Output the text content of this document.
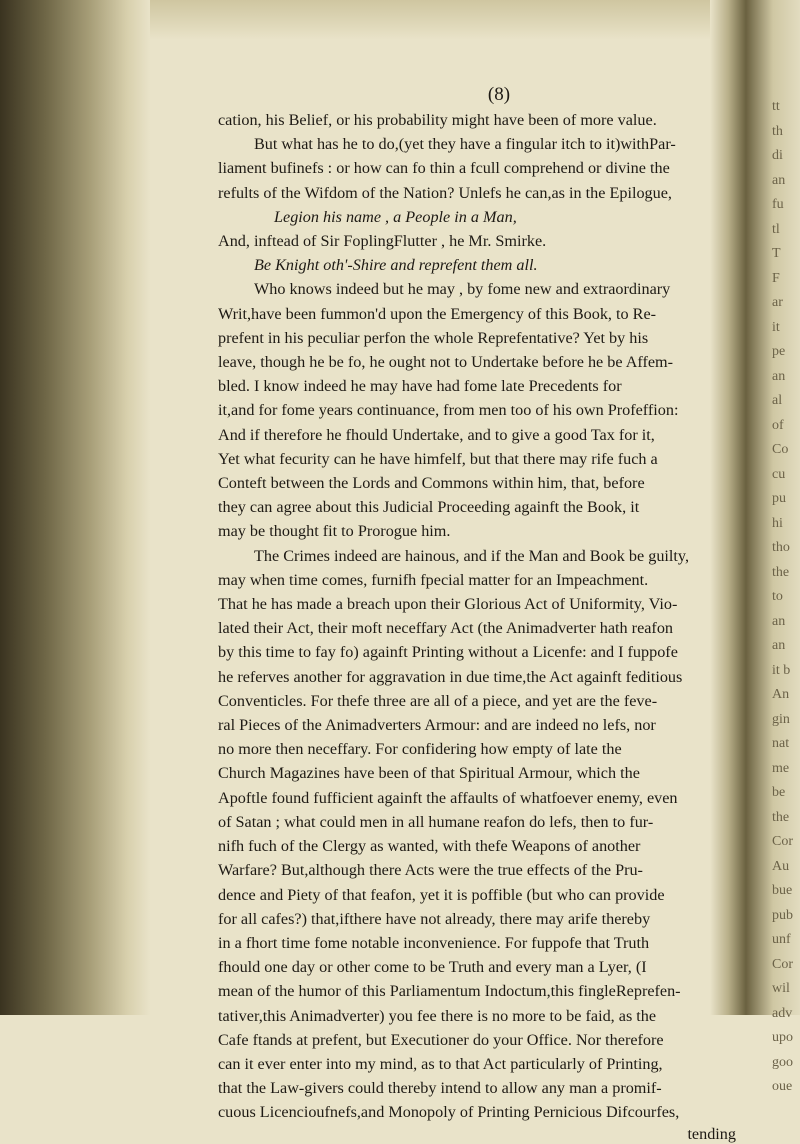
tt
th
di
an
fu
tl
T
F
ar
it
pe
an
al
of
Co
cu
pu
hi
tho
the
to
an
an
it b
An
gin
nat
me
be
the
Cor
Au
bue
pub
unf
Cor
wil
adv
upo
goo
oue
(8)
cation, his Belief, or his probability might have been of more value.
But what has he to do,(yet they have a fingular itch to it)withPar-
liament bufinefs : or how can fo thin a fcull comprehend or divine the
refults of the Wifdom of the Nation? Unlefs he can,as in the Epilogue,
Legion his name , a People in a Man,
And, inftead of Sir FoplingFlutter , he Mr. Smirke.
Be Knight oth'-Shire and reprefent them all.
Who knows indeed but he may , by fome new and extraordinary
Writ,have been fummon'd upon the Emergency of this Book, to Re-
prefent in his peculiar perfon the whole Reprefentative? Yet by his
leave, though he be fo, he ought not to Undertake before he be Affem-
bled. I know indeed he may have had fome late Precedents for
it,and for fome years continuance, from men too of his own Profeffion:
And if therefore he fhould Undertake, and to give a good Tax for it,
Yet what fecurity can he have himfelf, but that there may rife fuch a
Conteft between the Lords and Commons within him, that, before
they can agree about this Judicial Proceeding againft the Book, it
may be thought fit to Prorogue him.
The Crimes indeed are hainous, and if the Man and Book be guilty,
may when time comes, furnifh fpecial matter for an Impeachment.
That he has made a breach upon their Glorious Act of Uniformity, Vio-
lated their Act, their moft neceffary Act (the Animadverter hath reafon
by this time to fay fo) againft Printing without a Licenfe: and I fuppofe
he referves another for aggravation in due time,the Act againft feditious
Conventicles. For thefe three are all of a piece, and yet are the feve-
ral Pieces of the Animadverters Armour: and are indeed no lefs, nor
no more then neceffary. For confidering how empty of late the
Church Magazines have been of that Spiritual Armour, which the
Apoftle found fufficient againft the affaults of whatfoever enemy, even
of Satan ; what could men in all humane reafon do lefs, then to fur-
nifh fuch of the Clergy as wanted, with thefe Weapons of another
Warfare? But,although there Acts were the true effects of the Pru-
dence and Piety of that feafon, yet it is poffible (but who can provide
for all cafes?) that,ifthere have not already, there may arife thereby
in a fhort time fome notable inconvenience. For fuppofe that Truth
fhould one day or other come to be Truth and every man a Lyer, (I
mean of the humor of this Parliamentum Indoctum,this fingleReprefen-
tativer,this Animadverter) you fee there is no more to be faid, as the
Cafe ftands at prefent, but Executioner do your Office. Nor therefore
can it ever enter into my mind, as to that Act particularly of Printing,
that the Law-givers could thereby intend to allow any man a promif-
cuous Licencioufnefs,and Monopoly of Printing Pernicious Difcourfes,
tending
